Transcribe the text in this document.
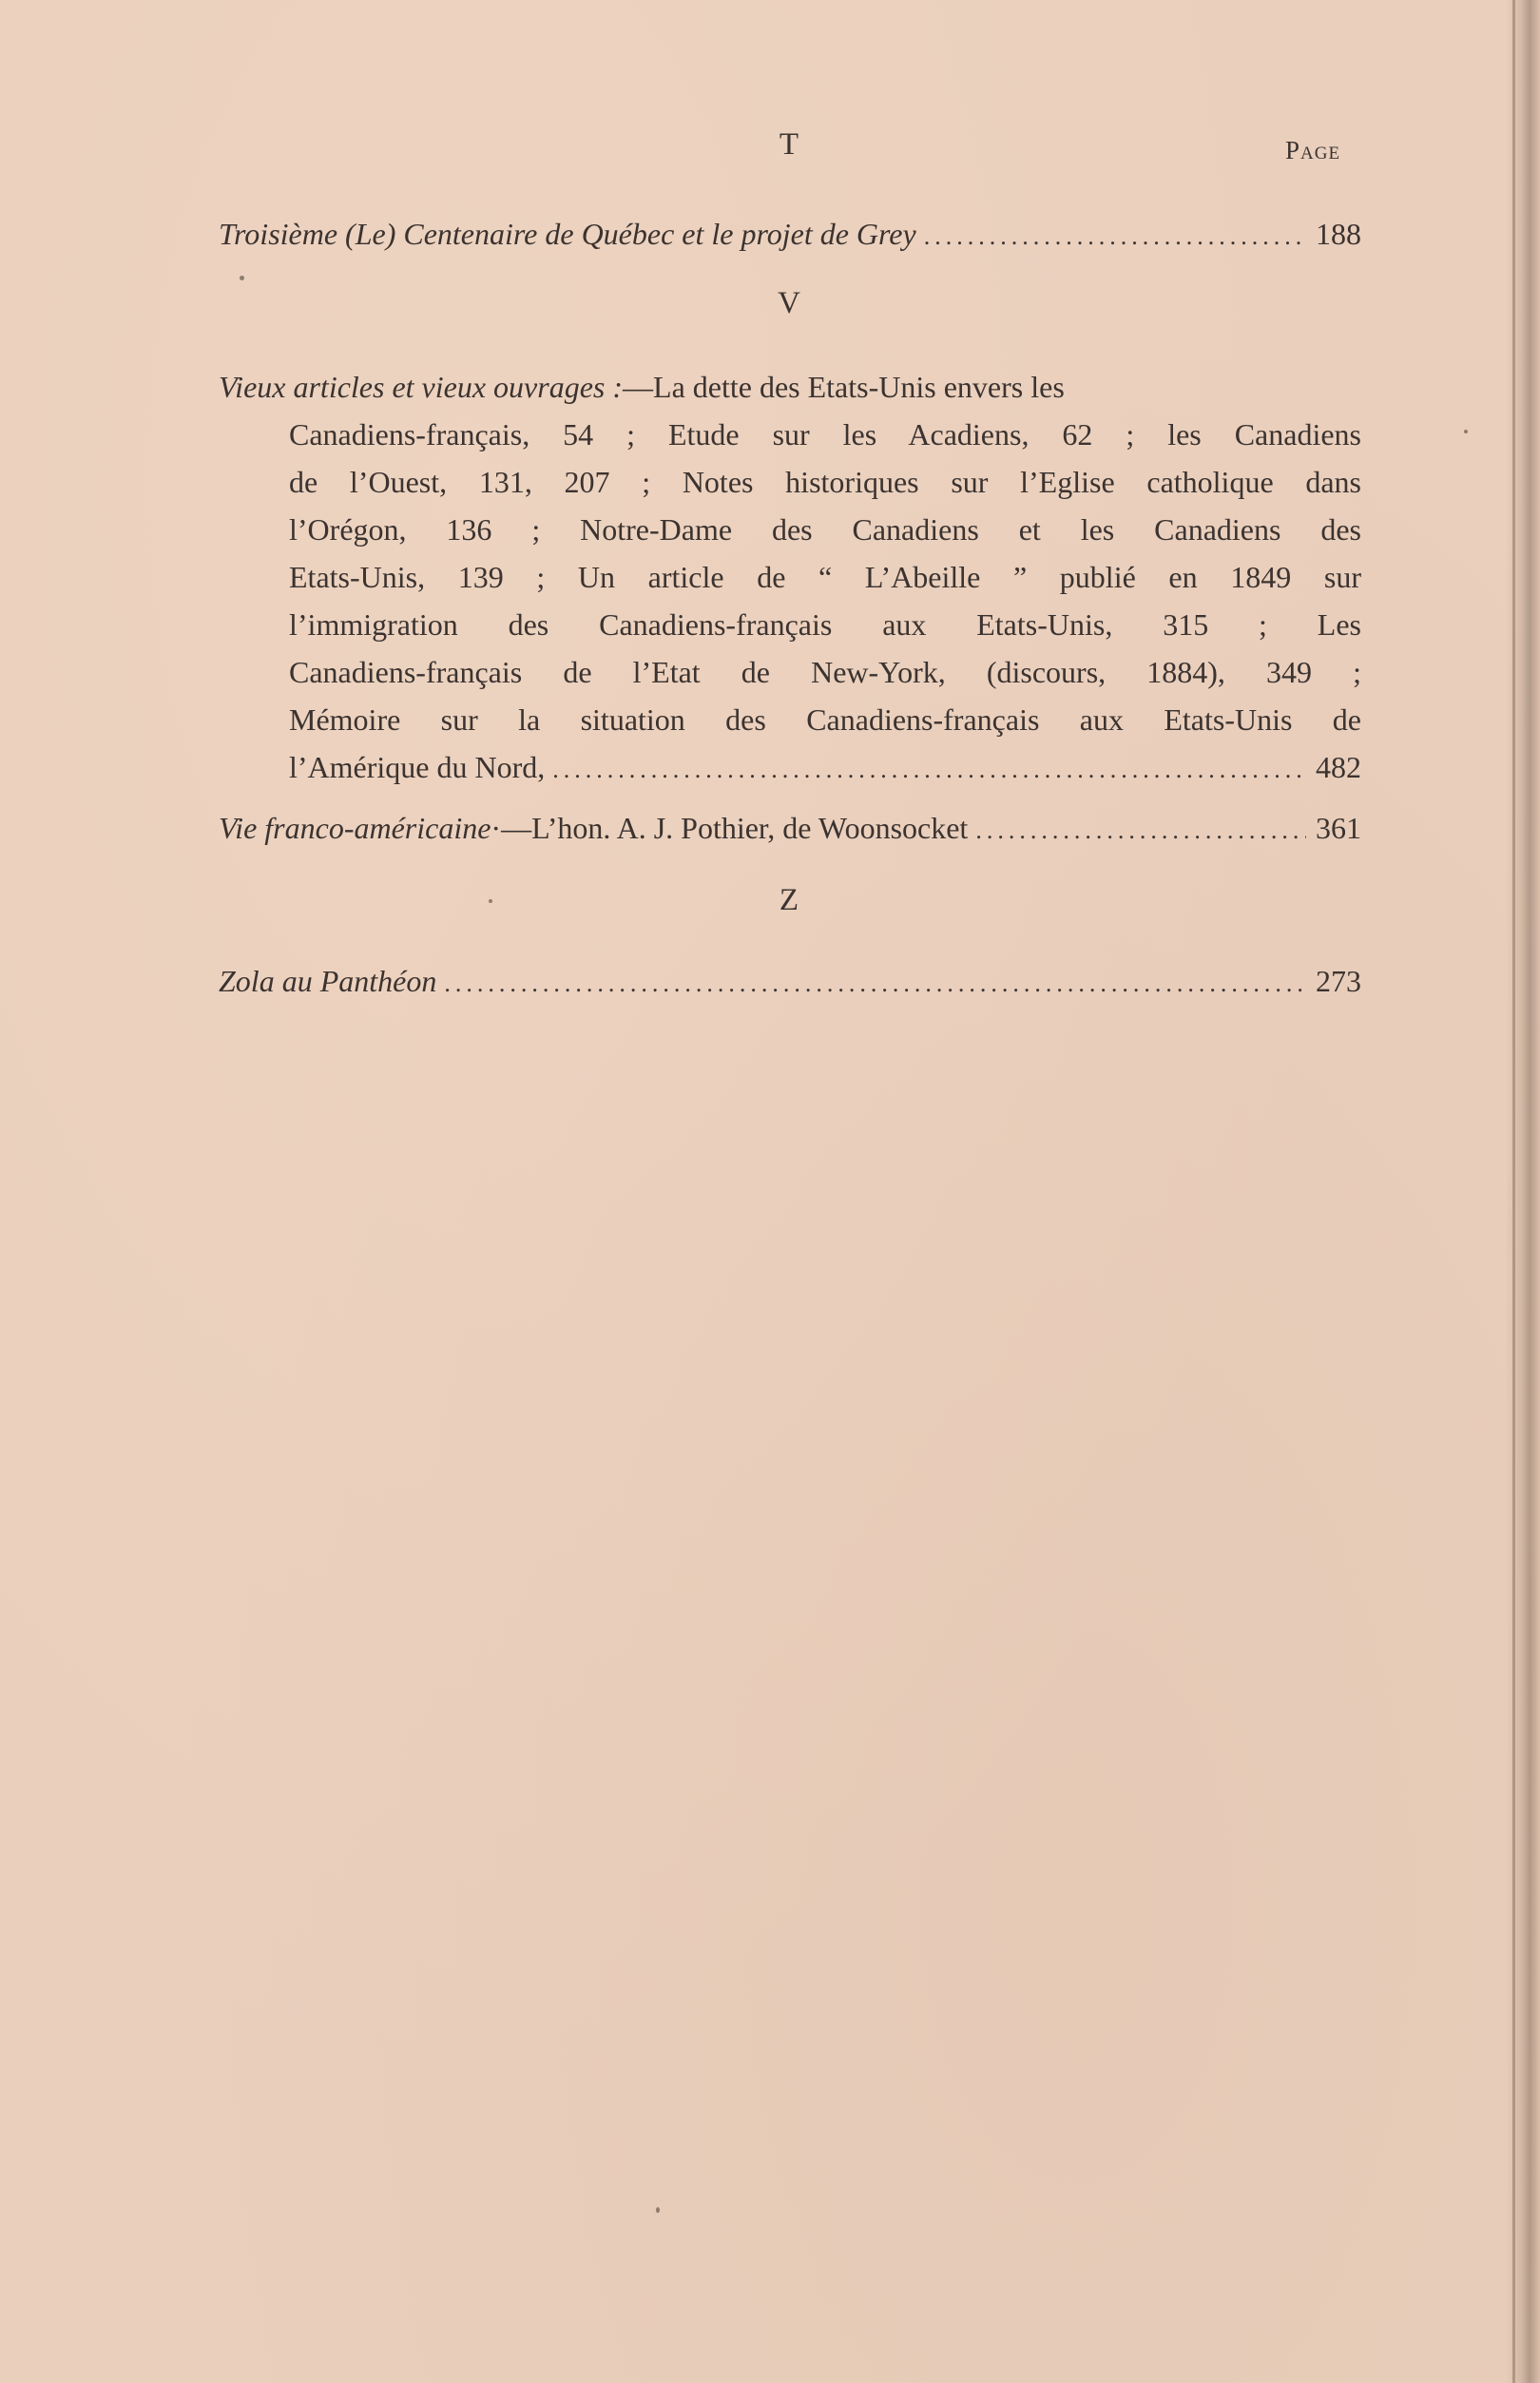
T	Page
Troisième (Le) Centenaire de Québec et le projet de Grey .....	188
V
Vieux articles et vieux ouvrages :—La dette des Etats-Unis envers les
Canadiens-français, 54 ; Etude sur les Acadiens, 62 ; les Canadiens
de l’Ouest, 131, 207 ; Notes historiques sur l’Eglise catholique dans
l’Orégon, 136 ; Notre-Dame des Canadiens et les Canadiens des
Etats-Unis, 139 ; Un article de “ L’Abeille ” publié en 1849 sur
l’immigration des Canadiens-français aux Etats-Unis, 315 ; Les
Canadiens-français de l’Etat de New-York, (discours, 1884), 349 ;
Mémoire sur la situation des Canadiens-français aux Etats-Unis de
l’Amérique du Nord, .....	482
Vie franco-américaine ·—L’hon. A. J. Pothier, de Woonsocket .....	361
Z
Zola au Panthéon .....	273
